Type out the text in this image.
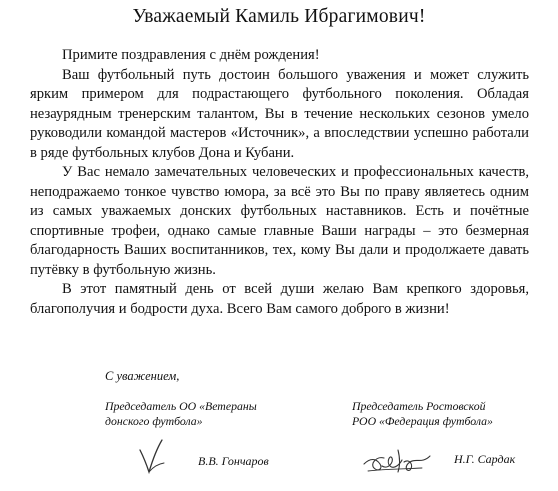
Уважаемый Камиль Ибрагимович!

Примите поздравления с днём рождения!

Ваш футбольный путь достоин большого уважения и может служить ярким примером для подрастающего футбольного поколения. Обладая незаурядным тренерским талантом, Вы в течение нескольких сезонов умело руководили командой мастеров «Источник», а впоследствии успешно работали в ряде футбольных клубов Дона и Кубани.

У Вас немало замечательных человеческих и профессиональных качеств, неподражаемо тонкое чувство юмора, за всё это Вы по праву являетесь одним из самых уважаемых донских футбольных наставников. Есть и почётные спортивные трофеи, однако самые главные Ваши награды – это безмерная благодарность Ваших воспитанников, тех, кому Вы дали и продолжаете давать путёвку в футбольную жизнь.

В этот памятный день от всей души желаю Вам крепкого здоровья, благополучия и бодрости духа. Всего Вам самого доброго в жизни!

С уважением,
Председатель ОО «Ветераны
донского футбола»
Председатель Ростовской
РОО «Федерация футбола»
В.В. Гончаров	Н.Г. Сардак
